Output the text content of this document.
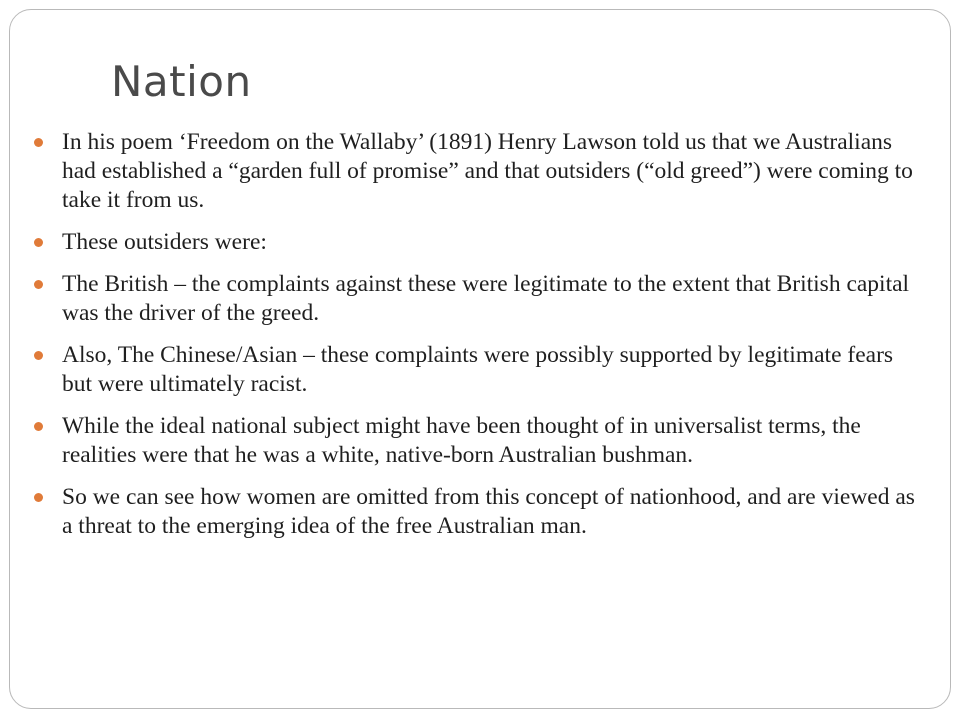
Nation
In his poem ‘Freedom on the Wallaby’ (1891) Henry Lawson told us that we Australians had established a “garden full of promise” and that outsiders (“old greed”) were coming to take it from us.
These outsiders were:
The British – the complaints against these were legitimate to the extent that British capital was the driver of the greed.
Also, The Chinese/Asian – these complaints were possibly supported by legitimate fears but were ultimately racist.
While the ideal national subject might have been thought of in universalist terms, the realities were that he was a white, native-born Australian bushman.
So we can see how women are omitted from this concept of nationhood, and are viewed as a threat to the emerging idea of the free Australian man.
